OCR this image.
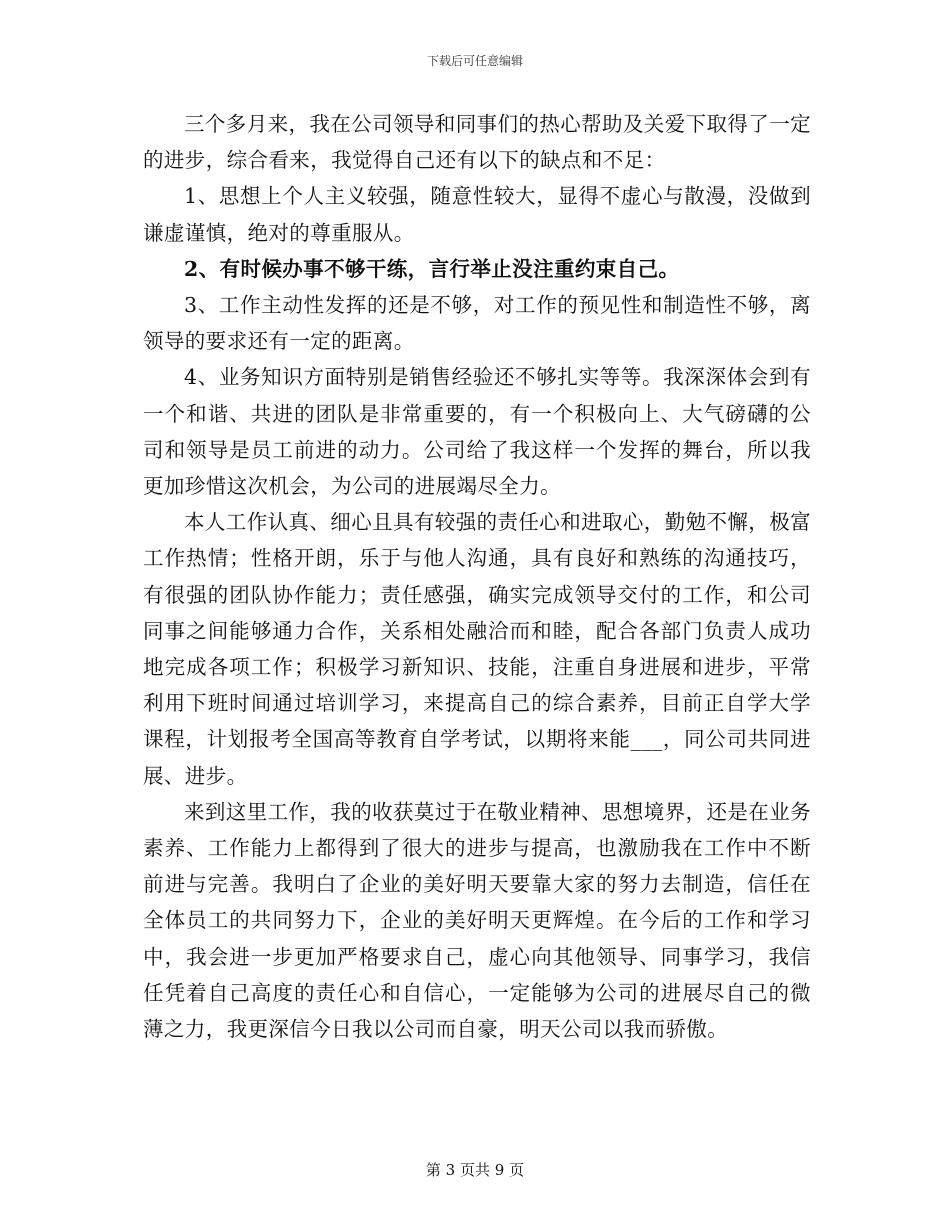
下载后可任意编辑

三个多月来，我在公司领导和同事们的热心帮助及关爱下取得了一定的进步，综合看来，我觉得自己还有以下的缺点和不足：

1、思想上个人主义较强，随意性较大，显得不虚心与散漫，没做到谦虚谨慎，绝对的尊重服从。

2、有时候办事不够干练，言行举止没注重约束自己。

3、工作主动性发挥的还是不够，对工作的预见性和制造性不够，离领导的要求还有一定的距离。

4、业务知识方面特别是销售经验还不够扎实等等。我深深体会到有一个和谐、共进的团队是非常重要的，有一个积极向上、大气磅礴的公司和领导是员工前进的动力。公司给了我这样一个发挥的舞台，所以我更加珍惜这次机会，为公司的进展竭尽全力。

本人工作认真、细心且具有较强的责任心和进取心，勤勉不懈，极富工作热情；性格开朗，乐于与他人沟通，具有良好和熟练的沟通技巧，有很强的团队协作能力；责任感强，确实完成领导交付的工作，和公司同事之间能够通力合作，关系相处融洽而和睦，配合各部门负责人成功地完成各项工作；积极学习新知识、技能，注重自身进展和进步，平常利用下班时间通过培训学习，来提高自己的综合素养，目前正自学大学课程，计划报考全国高等教育自学考试，以期将来能___，同公司共同进展、进步。

来到这里工作，我的收获莫过于在敬业精神、思想境界，还是在业务素养、工作能力上都得到了很大的进步与提高，也激励我在工作中不断前进与完善。我明白了企业的美好明天要靠大家的努力去制造，信任在全体员工的共同努力下，企业的美好明天更辉煌。在今后的工作和学习中，我会进一步更加严格要求自己，虚心向其他领导、同事学习，我信任凭着自己高度的责任心和自信心，一定能够为公司的进展尽自己的微薄之力，我更深信今日我以公司而自豪，明天公司以我而骄傲。

第 3 页共 9 页
